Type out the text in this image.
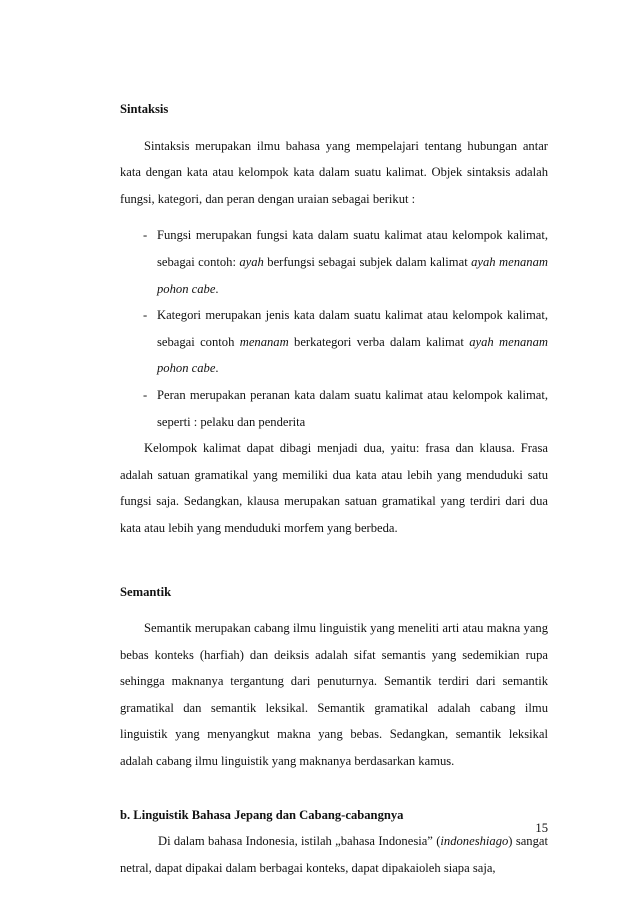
Sintaksis

Sintaksis merupakan ilmu bahasa yang mempelajari tentang hubungan antar kata dengan kata atau kelompok kata dalam suatu kalimat. Objek sintaksis adalah fungsi, kategori, dan peran dengan uraian sebagai berikut :

- Fungsi merupakan fungsi kata dalam suatu kalimat atau kelompok kalimat, sebagai contoh: ayah berfungsi sebagai subjek dalam kalimat ayah menanam pohon cabe.
- Kategori merupakan jenis kata dalam suatu kalimat atau kelompok kalimat, sebagai contoh menanam berkategori verba dalam kalimat ayah menanam pohon cabe.
- Peran merupakan peranan kata dalam suatu kalimat atau kelompok kalimat, seperti : pelaku dan penderita

Kelompok kalimat dapat dibagi menjadi dua, yaitu: frasa dan klausa. Frasa adalah satuan gramatikal yang memiliki dua kata atau lebih yang menduduki satu fungsi saja. Sedangkan, klausa merupakan satuan gramatikal yang terdiri dari dua kata atau lebih yang menduduki morfem yang berbeda.

Semantik

Semantik merupakan cabang ilmu linguistik yang meneliti arti atau makna yang bebas konteks (harfiah) dan deiksis adalah sifat semantis yang sedemikian rupa sehingga maknanya tergantung dari penuturnya. Semantik terdiri dari semantik gramatikal dan semantik leksikal. Semantik gramatikal adalah cabang ilmu linguistik yang menyangkut makna yang bebas. Sedangkan, semantik leksikal adalah cabang ilmu linguistik yang maknanya berdasarkan kamus.

b. Linguistik Bahasa Jepang dan Cabang-cabangnya

Di dalam bahasa Indonesia, istilah „bahasa Indonesia” (indoneshiago) sangat netral, dapat dipakai dalam berbagai konteks, dapat dipakaioleh siapa saja,

15
